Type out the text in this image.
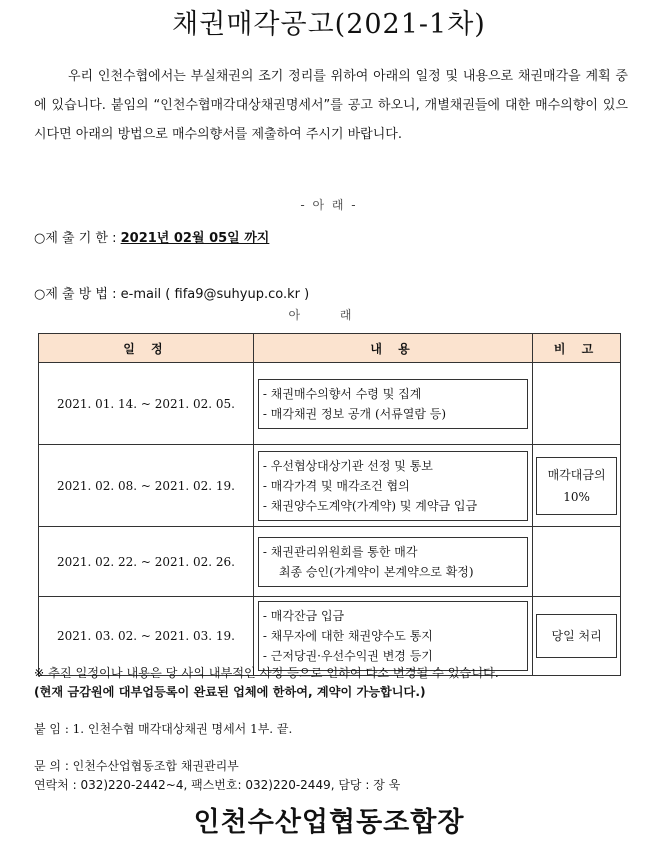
채권매각공고(2021-1차)
우리 인천수협에서는 부실채권의 조기 정리를 위하여 아래의 일정 및 내용으로 채권매각을 계획 중에 있습니다. 붙임의 “인천수협매각대상채권명세서”를 공고 하오니, 개별채권들에 대한 매수의향이 있으시다면 아래의 방법으로 매수의향서를 제출하여 주시기 바랍니다.
- 아 래 -
○제 출 기 한 : 2021년 02월 05일 까지
○제 출 방 법 : e-mail ( fifa9@suhyup.co.kr )
아 래
일 정	내 용	비 고
2021. 01. 14. ~ 2021. 02. 05.	- 채권매수의향서 수령 및 집계
- 매각채권 정보 공개 (서류열람 등)	

2021. 02. 08. ~ 2021. 02. 19.	- 우선협상대상기관 선정 및 통보
- 매각가격 및 매각조건 협의
- 채권양수도계약(가계약) 및 계약금 입금	매각대금의 10%

2021. 02. 22. ~ 2021. 02. 26.	- 채권관리위원회를 통한 매각
최종 승인(가계약이 본계약으로 확정)	

2021. 03. 02. ~ 2021. 03. 19.	- 매각잔금 입금
- 채무자에 대한 채권양수도 통지
- 근저당권·우선수익권 변경 등기	당일 처리
※ 추진 일정이나 내용은 당 사의 내부적인 사정 등으로 인하여 다소 변경될 수 있습니다.
(현재 금감원에 대부업등록이 완료된 업체에 한하여, 계약이 가능합니다.)
붙 임 : 1. 인천수협 매각대상채권 명세서 1부. 끝.
문 의 : 인천수산업협동조합 채권관리부
연락처 : 032)220-2442~4, 팩스번호: 032)220-2449, 담당 : 장 욱
인천수산업협동조합장
